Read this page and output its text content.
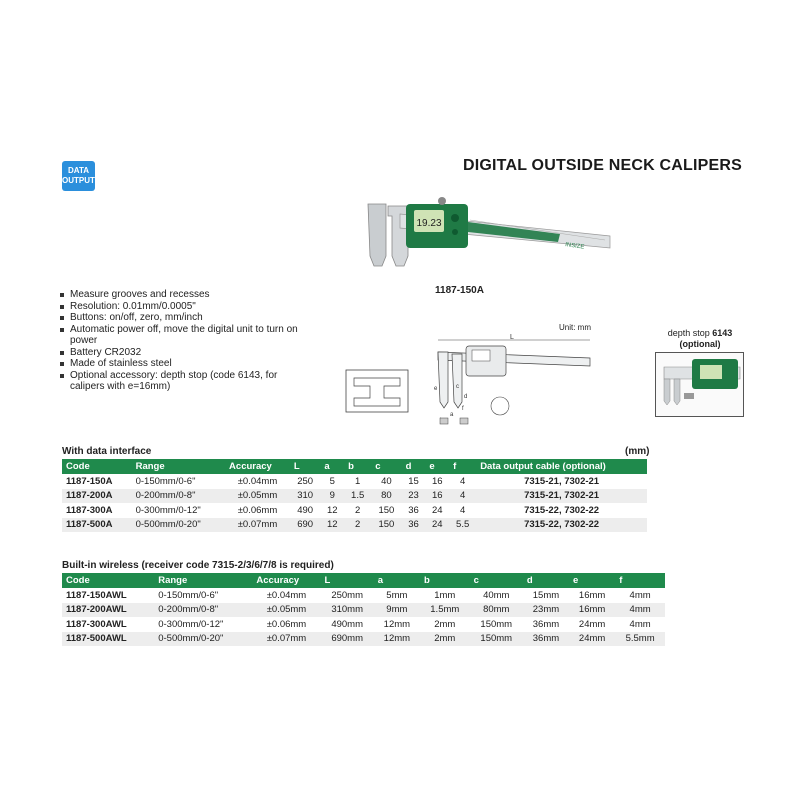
DATA
OUTPUT
DIGITAL OUTSIDE NECK CALIPERS
19.23
INSIZE
1187-150A
Measure grooves and recesses
Resolution: 0.01mm/0.0005"
Buttons: on/off, zero, mm/inch
Automatic power off, move the digital unit to turn on power
Battery CR2032
Made of stainless steel
Optional accessory: depth stop (code 6143, for calipers with e=16mm)
Unit: mm
L
a
c
d
e
f
depth stop 6143
(optional)
With data interface	(mm)
Code	Range	Accuracy	L	a	b	c	d	e	f	Data output cable (optional)
1187-150A	0-150mm/0-6"	±0.04mm	250	5	1	40	15	16	4	7315-21, 7302-21
1187-200A	0-200mm/0-8"	±0.05mm	310	9	1.5	80	23	16	4	7315-21, 7302-21
1187-300A	0-300mm/0-12"	±0.06mm	490	12	2	150	36	24	4	7315-22, 7302-22
1187-500A	0-500mm/0-20"	±0.07mm	690	12	2	150	36	24	5.5	7315-22, 7302-22
Built-in wireless (receiver code 7315-2/3/6/7/8 is required)
Code	Range	Accuracy	L	a	b	c	d	e	f
1187-150AWL	0-150mm/0-6"	±0.04mm	250mm	5mm	1mm	40mm	15mm	16mm	4mm
1187-200AWL	0-200mm/0-8"	±0.05mm	310mm	9mm	1.5mm	80mm	23mm	16mm	4mm
1187-300AWL	0-300mm/0-12"	±0.06mm	490mm	12mm	2mm	150mm	36mm	24mm	4mm
1187-500AWL	0-500mm/0-20"	±0.07mm	690mm	12mm	2mm	150mm	36mm	24mm	5.5mm
